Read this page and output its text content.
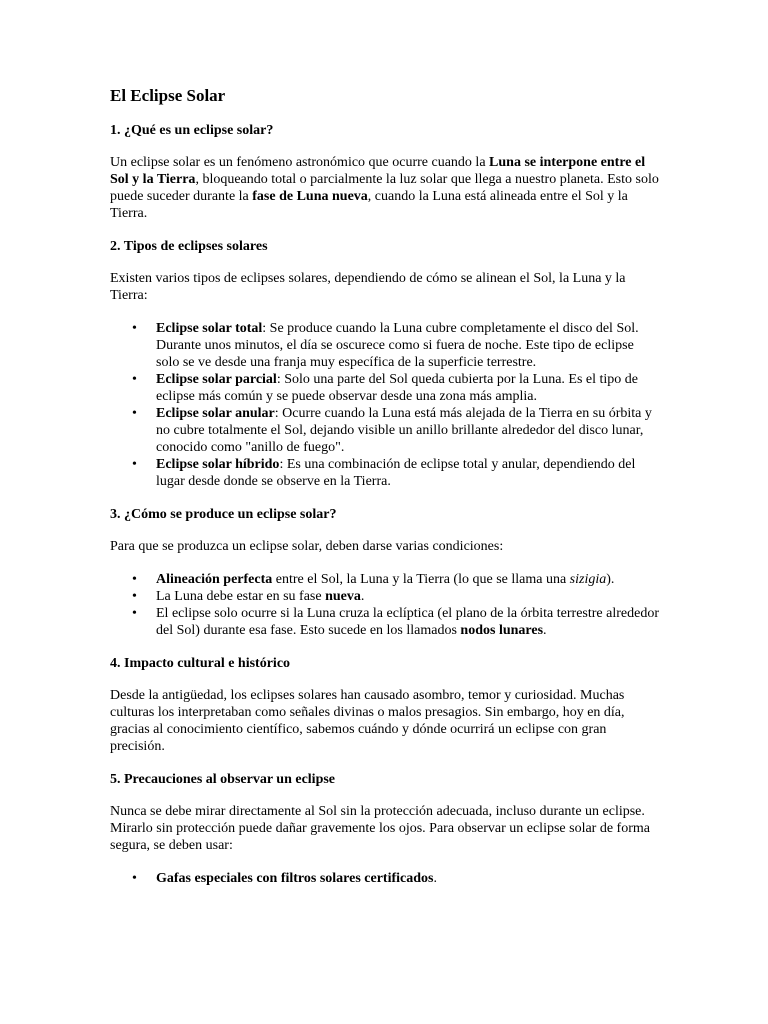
El Eclipse Solar
1. ¿Qué es un eclipse solar?

Un eclipse solar es un fenómeno astronómico que ocurre cuando la Luna se interpone entre el Sol y la Tierra, bloqueando total o parcialmente la luz solar que llega a nuestro planeta. Esto solo puede suceder durante la fase de Luna nueva, cuando la Luna está alineada entre el Sol y la Tierra.

2. Tipos de eclipses solares

Existen varios tipos de eclipses solares, dependiendo de cómo se alinean el Sol, la Luna y la Tierra:

• Eclipse solar total: Se produce cuando la Luna cubre completamente el disco del Sol. Durante unos minutos, el día se oscurece como si fuera de noche. Este tipo de eclipse solo se ve desde una franja muy específica de la superficie terrestre.
• Eclipse solar parcial: Solo una parte del Sol queda cubierta por la Luna. Es el tipo de eclipse más común y se puede observar desde una zona más amplia.
• Eclipse solar anular: Ocurre cuando la Luna está más alejada de la Tierra en su órbita y no cubre totalmente el Sol, dejando visible un anillo brillante alrededor del disco lunar, conocido como "anillo de fuego".
• Eclipse solar híbrido: Es una combinación de eclipse total y anular, dependiendo del lugar desde donde se observe en la Tierra.
3. ¿Cómo se produce un eclipse solar?

Para que se produzca un eclipse solar, deben darse varias condiciones:

• Alineación perfecta entre el Sol, la Luna y la Tierra (lo que se llama una sizigia).
• La Luna debe estar en su fase nueva.
• El eclipse solo ocurre si la Luna cruza la eclíptica (el plano de la órbita terrestre alrededor del Sol) durante esa fase. Esto sucede en los llamados nodos lunares.
4. Impacto cultural e histórico

Desde la antigüedad, los eclipses solares han causado asombro, temor y curiosidad. Muchas culturas los interpretaban como señales divinas o malos presagios. Sin embargo, hoy en día, gracias al conocimiento científico, sabemos cuándo y dónde ocurrirá un eclipse con gran precisión.

5. Precauciones al observar un eclipse

Nunca se debe mirar directamente al Sol sin la protección adecuada, incluso durante un eclipse. Mirarlo sin protección puede dañar gravemente los ojos. Para observar un eclipse solar de forma segura, se deben usar:

• Gafas especiales con filtros solares certificados.
